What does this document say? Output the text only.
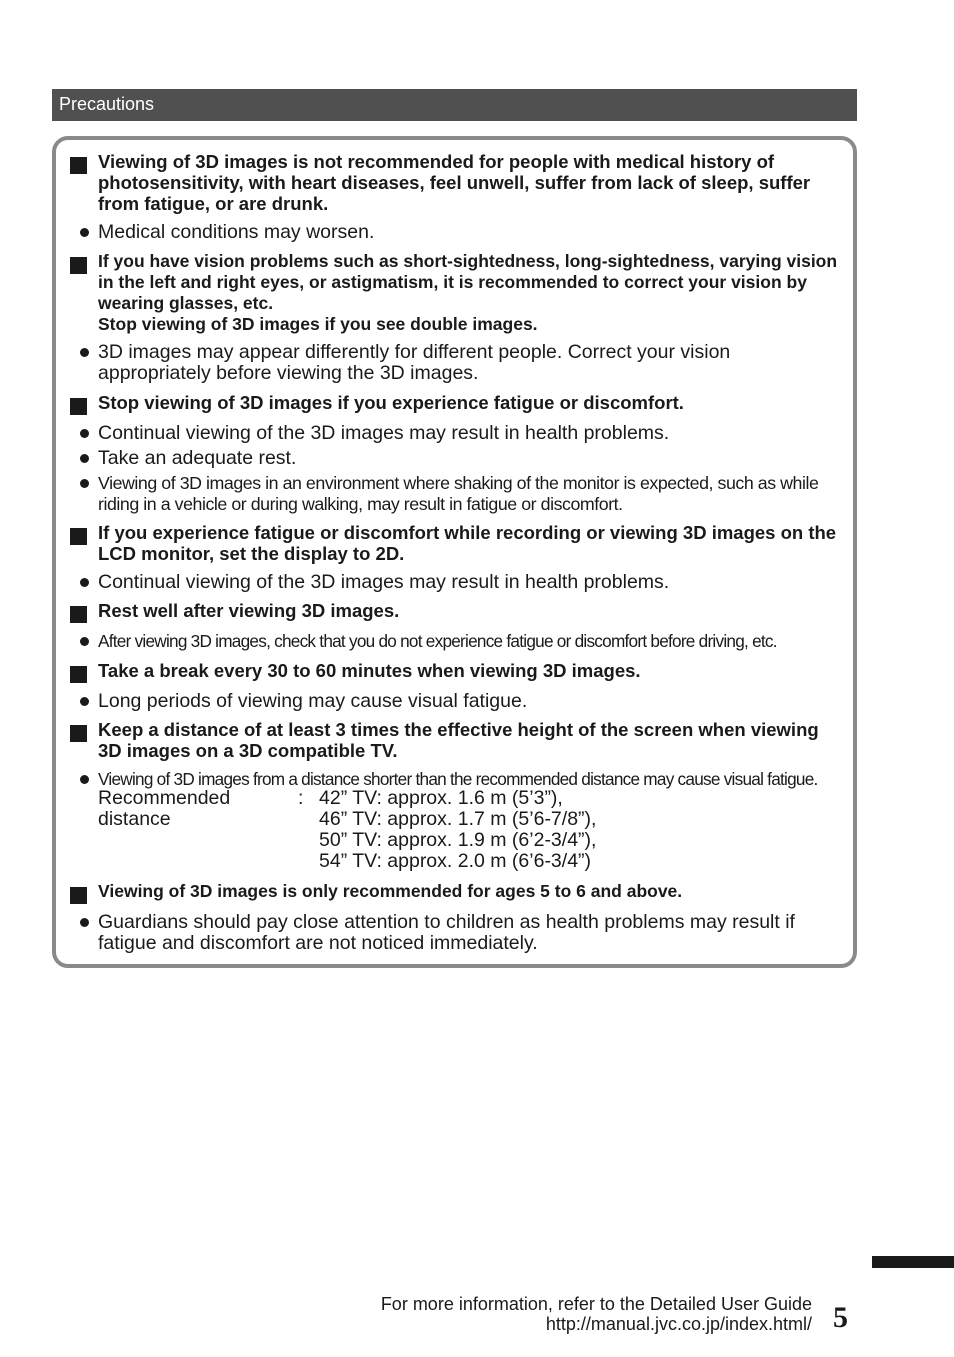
Precautions
Viewing of 3D images is not recommended for people with medical history of photosensitivity, with heart diseases, feel unwell, suffer from lack of sleep, suffer from fatigue, or are drunk.
Medical conditions may worsen.
If you have vision problems such as short-sightedness, long-sightedness, varying vision in the left and right eyes, or astigmatism, it is recommended to correct your vision by wearing glasses, etc.
Stop viewing of 3D images if you see double images.
3D images may appear differently for different people. Correct your vision appropriately before viewing the 3D images.
Stop viewing of 3D images if you experience fatigue or discomfort.
Continual viewing of the 3D images may result in health problems.
Take an adequate rest.
Viewing of 3D images in an environment where shaking of the monitor is expected, such as while riding in a vehicle or during walking, may result in fatigue or discomfort.
If you experience fatigue or discomfort while recording or viewing 3D images on the LCD monitor, set the display to 2D.
Continual viewing of the 3D images may result in health problems.
Rest well after viewing 3D images.
After viewing 3D images, check that you do not experience fatigue or discomfort before driving, etc.
Take a break every 30 to 60 minutes when viewing 3D images.
Long periods of viewing may cause visual fatigue.
Keep a distance of at least 3 times the effective height of the screen when viewing 3D images on a 3D compatible TV.
Viewing of 3D images from a distance shorter than the recommended distance may cause visual fatigue.
Recommended
distance
: 42” TV: approx. 1.6 m (5’3”),
46” TV: approx. 1.7 m (5’6-7/8”),
50” TV: approx. 1.9 m (6’2-3/4”),
54” TV: approx. 2.0 m (6’6-3/4”)
Viewing of 3D images is only recommended for ages 5 to 6 and above.
Guardians should pay close attention to children as health problems may result if fatigue and discomfort are not noticed immediately.
For more information, refer to the Detailed User Guide
http://manual.jvc.co.jp/index.html/ 5
